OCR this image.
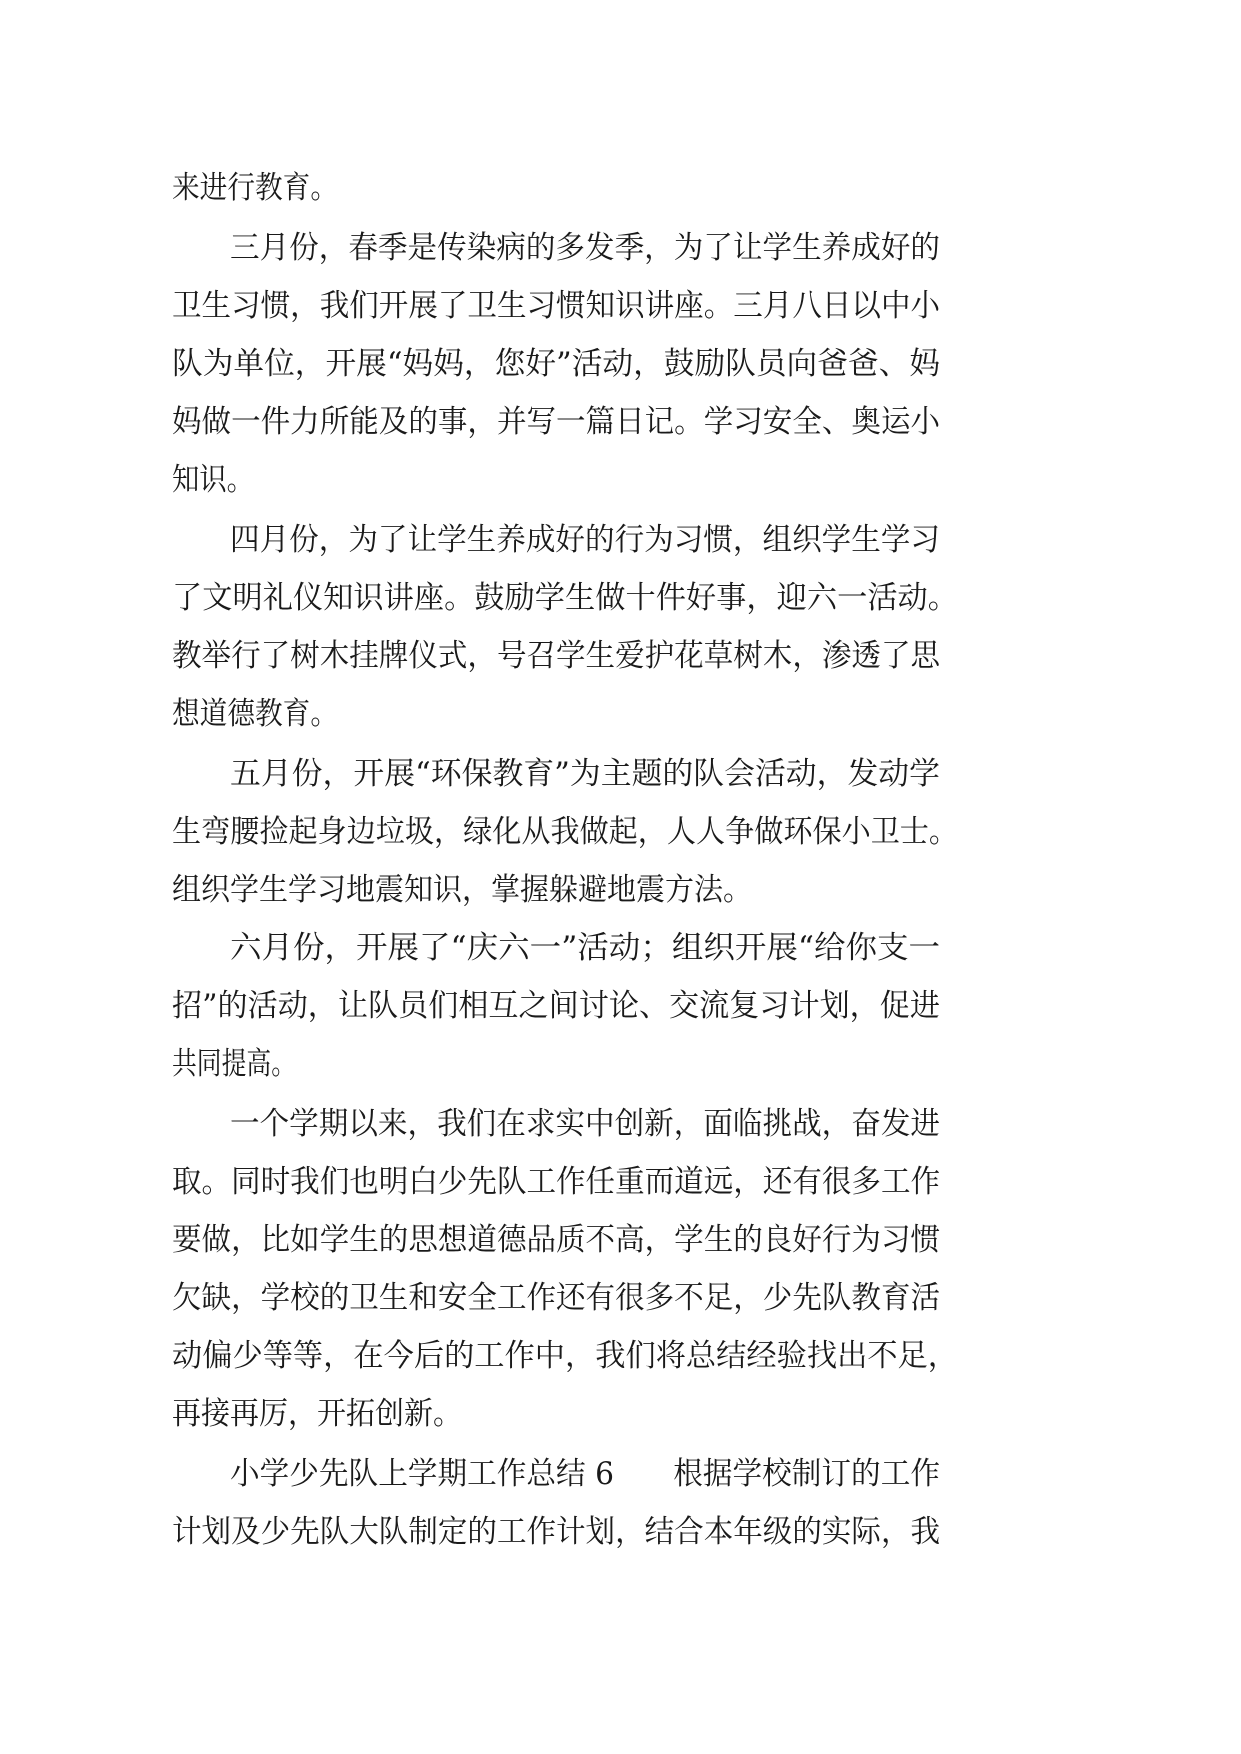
来进行教育。
三月份，春季是传染病的多发季，为了让学生养成好的
卫生习惯，我们开展了卫生习惯知识讲座。三月八日以中小
队为单位，开展“妈妈，您好”活动，鼓励队员向爸爸、妈
妈做一件力所能及的事，并写一篇日记。学习安全、奥运小
知识。
四月份，为了让学生养成好的行为习惯，组织学生学习
了文明礼仪知识讲座。鼓励学生做十件好事，迎六一活动。
教举行了树木挂牌仪式，号召学生爱护花草树木，渗透了思
想道德教育。
五月份，开展“环保教育”为主题的队会活动，发动学
生弯腰捡起身边垃圾，绿化从我做起，人人争做环保小卫士。
组织学生学习地震知识，掌握躲避地震方法。
六月份，开展了“庆六一”活动；组织开展“给你支一
招”的活动，让队员们相互之间讨论、交流复习计划，促进
共同提高。
一个学期以来，我们在求实中创新，面临挑战，奋发进
取。同时我们也明白少先队工作任重而道远，还有很多工作
要做，比如学生的思想道德品质不高，学生的良好行为习惯
欠缺，学校的卫生和安全工作还有很多不足，少先队教育活
动偏少等等，在今后的工作中，我们将总结经验找出不足，
再接再厉，开拓创新。
小学少先队上学期工作总结 6　　根据学校制订的工作
计划及少先队大队制定的工作计划，结合本年级的实际，我
